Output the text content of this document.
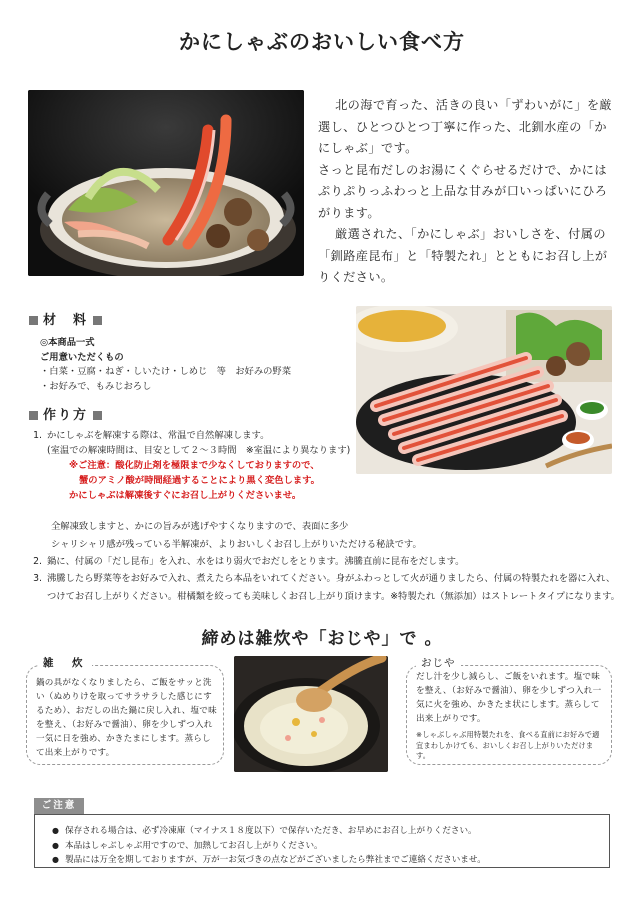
かにしゃぶのおいしい食べ方

北の海で育った、活きの良い「ずわいがに」を厳選し、ひとつひとつ丁寧に作った、北釧水産の「かにしゃぶ」です。

さっと昆布だしのお湯にくぐらせるだけで、かにはぷりぷりっふわっと上品な甘みが口いっぱいにひろがります。

厳選された、「かにしゃぶ」おいしさを、付属の「釧路産昆布」と「特製たれ」とともにお召し上がりください。

材　料
◎本商品一式
ご用意いただくもの
・白菜・豆腐・ねぎ・しいたけ・しめじ　等　お好みの野菜
・お好みで、もみじおろし
作り方
1. かにしゃぶを解凍する際は、常温で自然解凍します。
(室温での解凍時間は、目安として２～３時間　※室温により異なります)
※ご注意：酸化防止剤を極限まで少なくしておりますので、
蟹のアミノ酸が時間経過することにより黒く変色します。
かにしゃぶは解凍後すぐにお召し上がりくださいませ。
全解凍致しますと、かにの旨みが逃げやすくなりますので、表面に多少
シャリシャリ感が残っている半解凍が、よりおいしくお召し上がりいただける秘訣です。
2. 鍋に、付属の「だし昆布」を入れ、水をはり弱火でおだしをとります。沸騰直前に昆布をだします。
3. 沸騰したら野菜等をお好みで入れ、煮えたら本品をいれてください。身がふわっとして火が通りましたら、付属の特製たれを器に入れ、
つけてお召し上がりください。柑橘類を絞っても美味しくお召し上がり頂けます。※特製たれ（無添加）はストレートタイプになります。
締めは雑炊や「おじや」で 。
雑　炊
鍋の具がなくなりましたら、ご飯をサッと洗い（ぬめりけを取ってサラサラした感じにするため）、おだしの出た鍋に戻し入れ、塩で味を整え、（お好みで醤油）、卵を少しずつ入れ一気に日を強め、かきたまにします。蒸らして出来上がりです。
おじや
だし汁を少し減らし、ご飯をいれます。塩で味を整え、（お好みで醤油）、卵を少しずつ入れ一気に火を強め、かきたま状にします。蒸らして出来上がりです。
※しゃぶしゃぶ用特製たれを、食べる直前にお好みで適宜まわしかけても、おいしくお召し上がりいただけます。
ご注意
● 保存される場合は、必ず冷凍庫（マイナス１８度以下）で保存いただき、お早めにお召し上がりください。
● 本品はしゃぶしゃぶ用ですので、加熱してお召し上がりください。
● 製品には万全を期しておりますが、万が一お気づきの点などがございましたら弊社までご連絡くださいませ。
